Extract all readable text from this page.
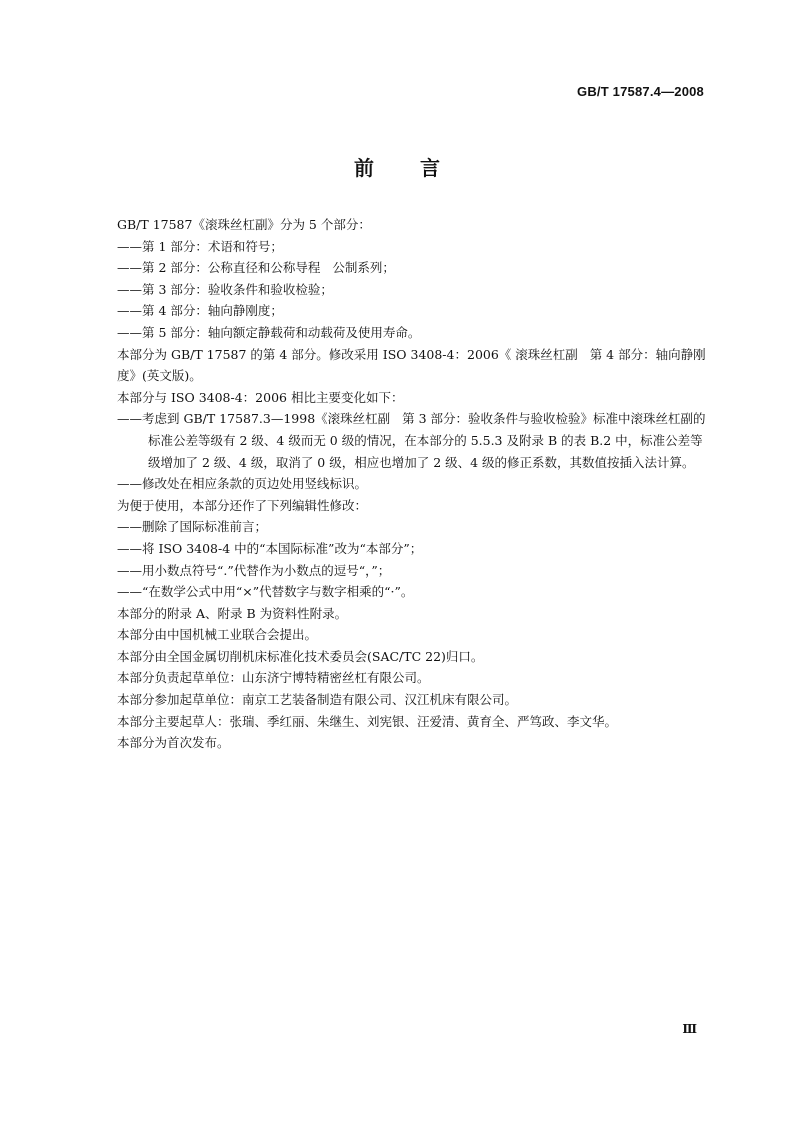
GB/T 17587.4—2008
前言

GB/T 17587《滚珠丝杠副》分为 5 个部分：

——第 1 部分：术语和符号；

——第 2 部分：公称直径和公称导程   公制系列；

——第 3 部分：验收条件和验收检验；

——第 4 部分：轴向静刚度；

——第 5 部分：轴向额定静载荷和动载荷及使用寿命。

本部分为 GB/T 17587 的第 4 部分。修改采用 ISO 3408-4：2006《 滚珠丝杠副   第 4 部分：轴向静刚度》(英文版)。

本部分与 ISO 3408-4：2006 相比主要变化如下：

——考虑到 GB/T 17587.3—1998《滚珠丝杠副   第 3 部分：验收条件与验收检验》标准中滚珠丝杠副的标准公差等级有 2 级、4 级而无 0 级的情况，在本部分的 5.5.3 及附录 B 的表 B.2 中，标准公差等级增加了 2 级、4 级，取消了 0 级，相应也增加了 2 级、4 级的修正系数，其数值按插入法计算。

——修改处在相应条款的页边处用竖线标识。

为便于使用，本部分还作了下列编辑性修改：

——删除了国际标准前言；

——将 ISO 3408-4 中的“本国际标准”改为“本部分”；

——用小数点符号“.”代替作为小数点的逗号“，”；

——“在数学公式中用“×”代替数字与数字相乘的“·”。

本部分的附录 A、附录 B 为资料性附录。

本部分由中国机械工业联合会提出。

本部分由全国金属切削机床标准化技术委员会(SAC/TC 22)归口。

本部分负责起草单位：山东济宁博特精密丝杠有限公司。

本部分参加起草单位：南京工艺装备制造有限公司、汉江机床有限公司。

本部分主要起草人：张瑞、季红丽、朱继生、刘宪银、汪爱清、黄育全、严笃政、李文华。

本部分为首次发布。

Ⅲ
